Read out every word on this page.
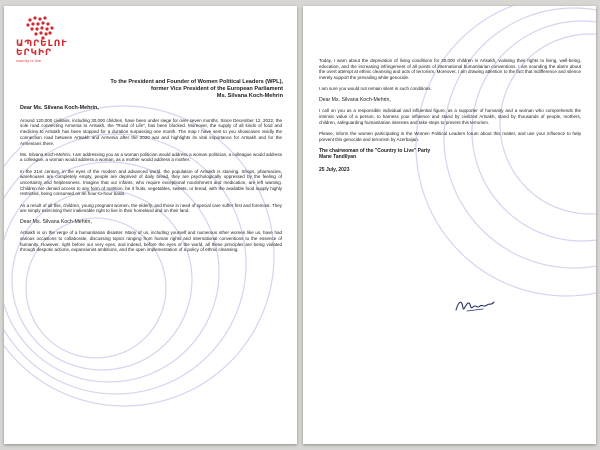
ԱՊՐԵԼՈՒ
ԵՐԿԻՐ
country to live
To the President and Founder of Women Political Leaders (WPL),
former Vice President of the European Parliament
Ms. Silvana Koch-Mehrin

Dear Ms. Silvana Koch-Mehrin,

Around 120,000 civilians, including 30,000 children, have been under siege for over seven months. Since December 12, 2022, the sole road connecting Armenia to Artsakh, the "Road of Life", has been blocked. Moreover, the supply of all kinds of food and medicine to Artsakh has been stopped for a duration surpassing one month. The map I have sent to you showcases vividly the connection road between Artsakh and Armenia after the 2020 war and highlights its vital importance for Artsakh and for the Armenians there.

Ms. Silvana Koch-Mehrin, I am addressing you as a woman politician would address a woman politician, a colleague would address a colleague, a woman would address a woman, as a mother would address a mother.

In the 21st century, in the eyes of the modern and advanced world, the population of Artsakh is starving. Shops, pharmacies, warehouses are completely empty, people are deprived of daily bread, they are psychologically oppressed by the feeling of uncertainty and helplessness. Imagine that our infants, who require exceptional nourishment and medication, are left wanting. Children are denied access to any form of nutrition, be it fruits, vegetables, sweets, or bread, with the available food supply highly restricted, being consumed on an hour-to-hour basis.

As a result of all this, children, young pregnant women, the elderly, and those in need of special care suffer first and foremost. They are simply exercising their inalienable right to live in their homeland and on their land.

Dear Ms. Silvana Koch-Mehrin,

Artsakh is on the verge of a humanitarian disaster. Many of us, including yourself and numerous other women like us, have had various occasions to collaborate, discussing topics ranging from human rights and international conventions to the essence of humanity. However, right before our very eyes, and indeed, before the eyes of the world, all these principles are being violated through despotic actions, expansionist ambitions, and the open implementation of a policy of ethnic cleansing.

Today, I warn about the deprivation of living conditions for 30,000 children in Artsakh, violating their rights to living, well-being, education, and the increasing infringement of all points of international humanitarian conventions. I am sounding the alarm about the overt attempt at ethnic cleansing and acts of terrorism. Moreover, I am drawing attention to the fact that indifference and silence merely support the prevailing white genocide.

I am sure you would not remain silent in such conditions.

Dear Ms. Silvana Koch-Mehrin,

I call on you as a responsible individual and influential figure, as a supporter of humanity and a woman who comprehends the intrinsic value of a person, to harness your influence and stand by civilized Artsakh, stand by thousands of people, mothers, children, safeguarding humanitarian interests and take steps to prevent this terrorism.

Please, inform the women participating in the Women Political Leaders forum about this matter, and use your influence to help prevent this genocide and terrorism by Azerbaijan.

The chairwoman of the "Country to Live" Party
Mane Tandilyan
25 July, 2023
